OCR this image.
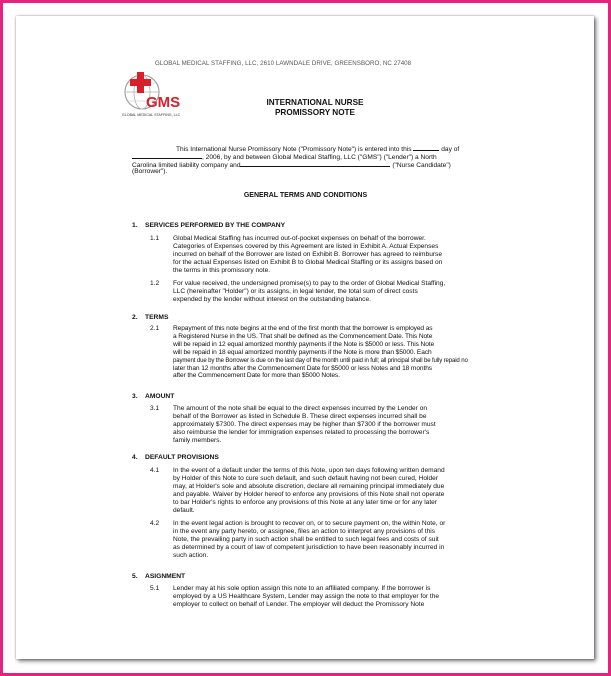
GLOBAL MEDICAL STAFFING, LLC, 2610 LAWNDALE DRIVE, GREENSBORO, NC 27408
GMS
GLOBAL MEDICAL STAFFING, LLC
INTERNATIONAL NURSE
PROMISSORY NOTE
This International Nurse Promissory Note ("Promissory Note") is entered into this	day of
, 2006, by and between Global Medical Staffing, LLC ("GMS") ("Lender") a North
Carolina limited liability company and	("Nurse Candidate")
(Borrower").
GENERAL TERMS AND CONDITIONS
1. SERVICES PERFORMED BY THE COMPANY
1.1 Global Medical Staffing has incurred out-of-pocket expenses on behalf of the borrower.
Categories of Expenses covered by this Agreement are listed in Exhibit A. Actual Expenses
incurred on behalf of the Borrower are listed on Exhibit B. Borrower has agreed to reimburse
for the actual Expenses listed on Exhibit B to Global Medical Staffing or its assigns based on
the terms in this promissory note.
1.2 For value received, the undersigned promise(s) to pay to the order of Global Medical Staffing,
LLC (hereinafter "Holder") or its assigns, in legal tender, the total sum of direct costs
expended by the lender without interest on the outstanding balance.
2. TERMS
2.1 Repayment of this note begins at the end of the first month that the borrower is employed as
a Registered Nurse in the US. That shall be defined as the Commencement Date. This Note
will be repaid in 12 equal amortized monthly payments if the Note is $5000 or less. This Note
will be repaid in 18 equal amortized monthly payments if the Note is more than $5000. Each
payment due by the Borrower is due on the last day of the month until paid in full; all principal shall be fully repaid no
later than 12 months after the Commencement Date for $5000 or less Notes and 18 months
after the Commencement Date for more than $5000 Notes.
3. AMOUNT
3.1 The amount of the note shall be equal to the direct expenses incurred by the Lender on
behalf of the Borrower as listed in Schedule B. These direct expenses incurred shall be
approximately $7300. The direct expenses may be higher than $7300 if the borrower must
also reimburse the lender for immigration expenses related to processing the borrower's
family members.
4. DEFAULT PROVISIONS
4.1 In the event of a default under the terms of this Note, upon ten days following written demand
by Holder of this Note to cure such default, and such default having not been cured, Holder
may, at Holder's sole and absolute discretion, declare all remaining principal immediately due
and payable. Waiver by Holder hereof to enforce any provisions of this Note shall not operate
to bar Holder's rights to enforce any provisions of this Note at any later time or for any later
default.
4.2 In the event legal action is brought to recover on, or to secure payment on, the within Note, or
in the event any party hereto, or assignee, files an action to interpret any provisions of this
Note, the prevailing party in such action shall be entitled to such legal fees and costs of suit
as determined by a court of law of competent jurisdiction to have been reasonably incurred in
such action.
5. ASIGNMENT
5.1 Lender may at his sole option assign this note to an affiliated company. If the borrower is
employed by a US Healthcare System, Lender may assign the note to that employer for the
employer to collect on behalf of Lender. The employer will deduct the Promissory Note
